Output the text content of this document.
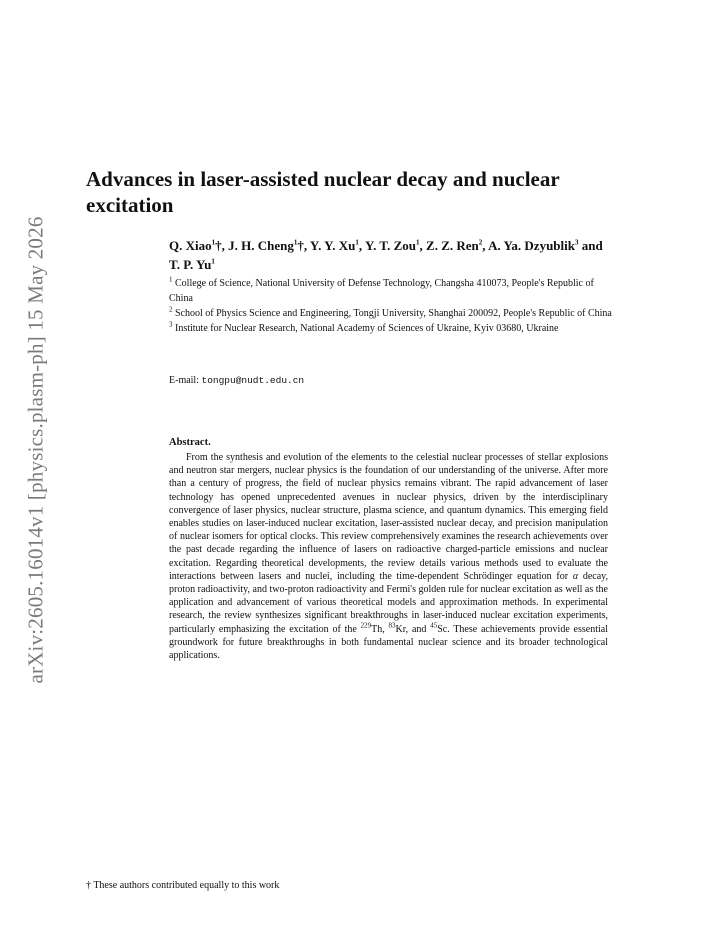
arXiv:2605.16014v1 [physics.plasm-ph] 15 May 2026
Advances in laser-assisted nuclear decay and nuclear excitation
Q. Xiao$^1$†, J. H. Cheng$^1$†, Y. Y. Xu$^1$, Y. T. Zou$^1$, Z. Z. Ren$^2$, A. Ya. Dzyublik$^3$ and T. P. Yu$^1$
$^1$ College of Science, National University of Defense Technology, Changsha 410073, People's Republic of China
$^2$ School of Physics Science and Engineering, Tongji University, Shanghai 200092, People's Republic of China
$^3$ Institute for Nuclear Research, National Academy of Sciences of Ukraine, Kyiv 03680, Ukraine
E-mail: tongpu@nudt.edu.cn
Abstract.

From the synthesis and evolution of the elements to the celestial nuclear processes of stellar explosions and neutron star mergers, nuclear physics is the foundation of our understanding of the universe. After more than a century of progress, the field of nuclear physics remains vibrant. The rapid advancement of laser technology has opened unprecedented avenues in nuclear physics, driven by the interdisciplinary convergence of laser physics, nuclear structure, plasma science, and quantum dynamics. This emerging field enables studies on laser-induced nuclear excitation, laser-assisted nuclear decay, and precision manipulation of nuclear isomers for optical clocks. This review comprehensively examines the research achievements over the past decade regarding the influence of lasers on radioactive charged-particle emissions and nuclear excitation. Regarding theoretical developments, the review details various methods used to evaluate the interactions between lasers and nuclei, including the time-dependent Schrödinger equation for α decay, proton radioactivity, and two-proton radioactivity and Fermi's golden rule for nuclear excitation as well as the application and advancement of various theoretical models and approximation methods. In experimental research, the review synthesizes significant breakthroughs in laser-induced nuclear excitation experiments, particularly emphasizing the excitation of the $^{229}$Th, $^{83}$Kr, and $^{45}$Sc. These achievements provide essential groundwork for future breakthroughs in both fundamental nuclear science and its broader technological applications.

† These authors contributed equally to this work
